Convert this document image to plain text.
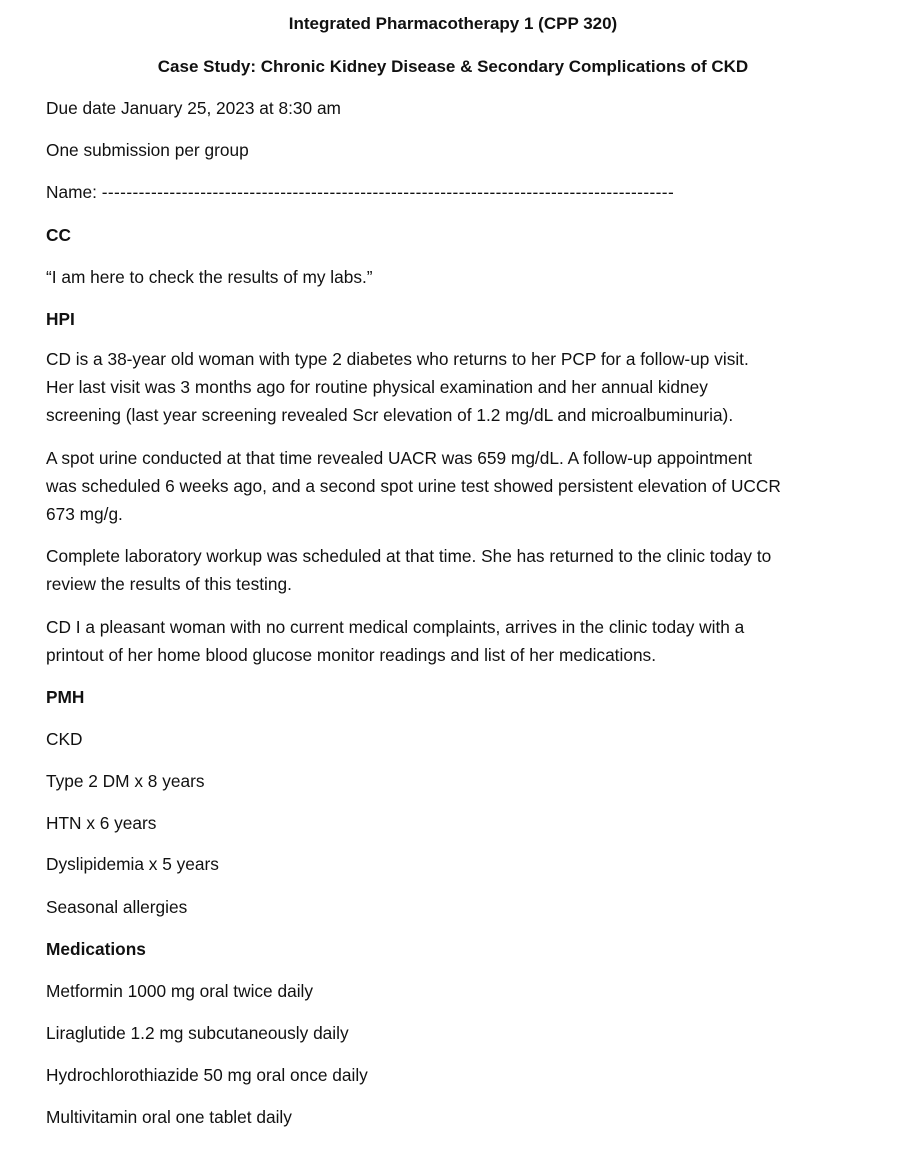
Integrated Pharmacotherapy 1 (CPP 320)
Case Study: Chronic Kidney Disease & Secondary Complications of CKD
Due date January 25, 2023 at 8:30 am
One submission per group
Name: ---------------------------------------------------------------------------------------------
CC
“I am here to check the results of my labs.”
HPI
CD is a 38-year old woman with type 2 diabetes who returns to her PCP for a follow-up visit.
Her last visit was 3 months ago for routine physical examination and her annual kidney
screening (last year screening revealed Scr elevation of 1.2 mg/dL and microalbuminuria).
A spot urine conducted at that time revealed UACR was 659 mg/dL. A follow-up appointment
was scheduled 6 weeks ago, and a second spot urine test showed persistent elevation of UCCR
673 mg/g.
Complete laboratory workup was scheduled at that time. She has returned to the clinic today to
review the results of this testing.
CD I a pleasant woman with no current medical complaints, arrives in the clinic today with a
printout of her home blood glucose monitor readings and list of her medications.
PMH
CKD
Type 2 DM x 8 years
HTN x 6 years
Dyslipidemia x 5 years
Seasonal allergies
Medications
Metformin 1000 mg oral twice daily
Liraglutide 1.2 mg subcutaneously daily
Hydrochlorothiazide 50 mg oral once daily
Multivitamin oral one tablet daily
